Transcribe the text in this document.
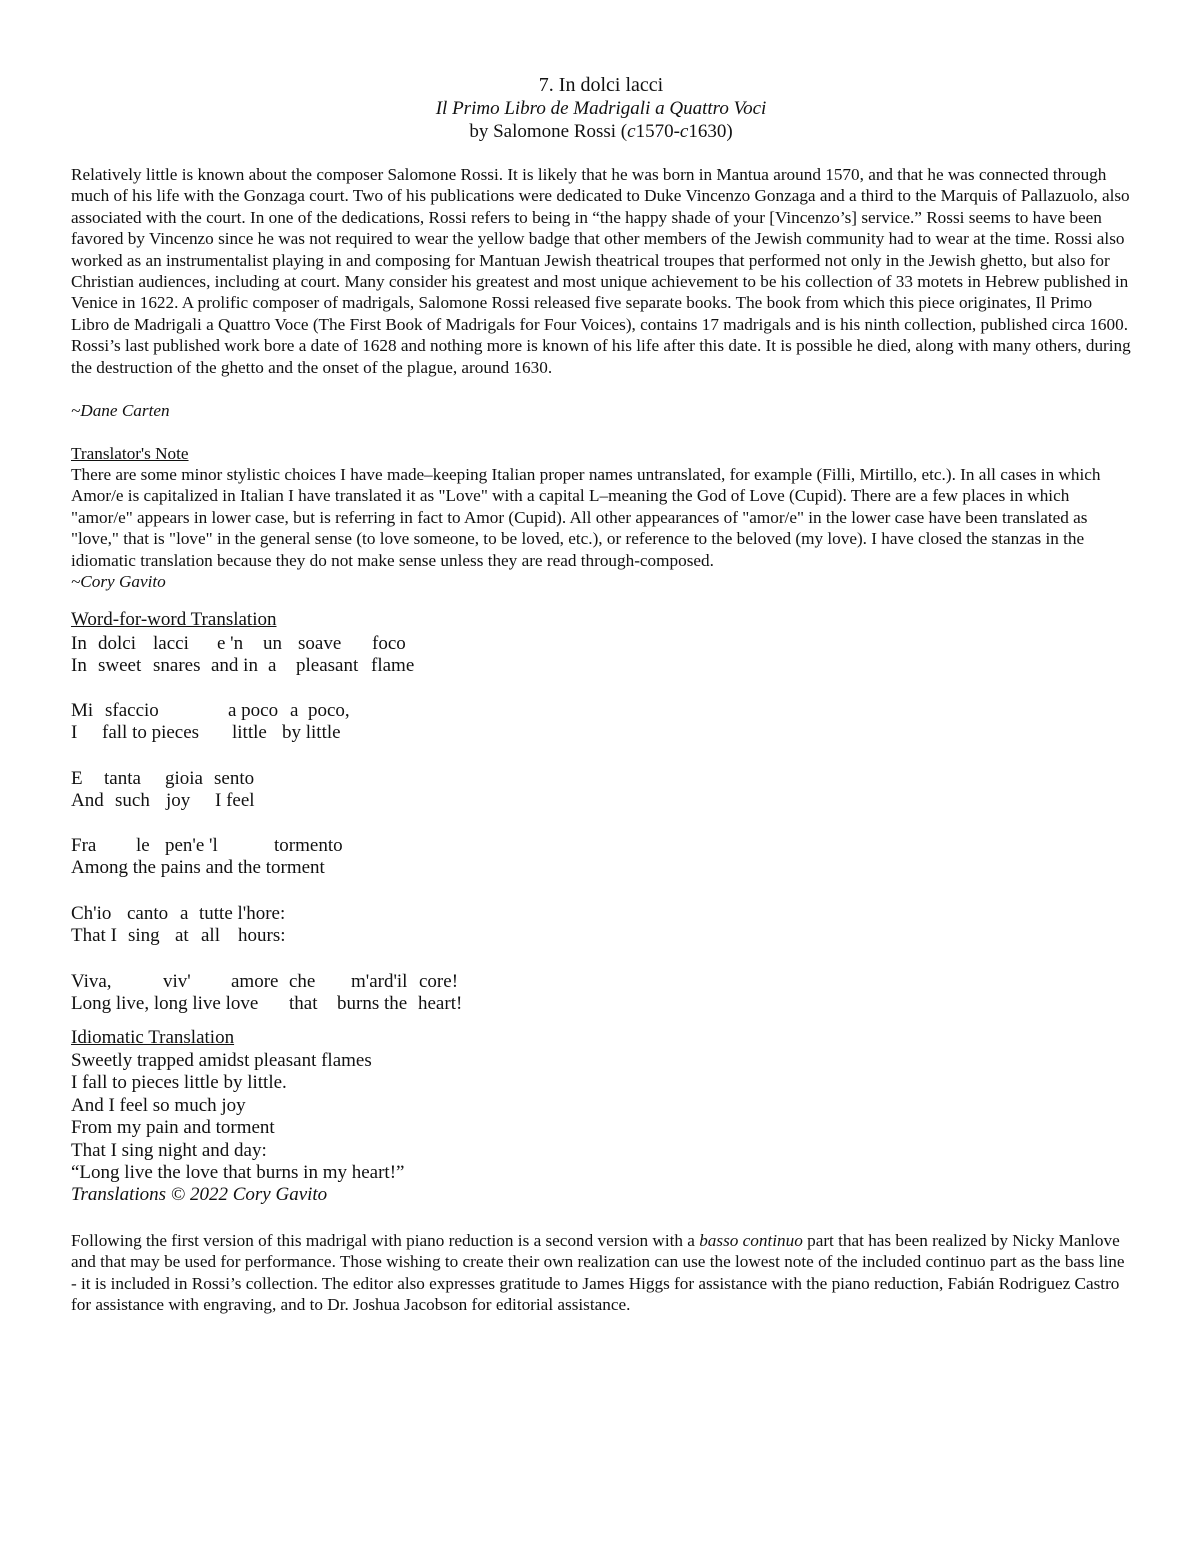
7. In dolci lacci
Il Primo Libro de Madrigali a Quattro Voci
by Salomone Rossi (c1570-c1630)
Relatively little is known about the composer Salomone Rossi. It is likely that he was born in Mantua around 1570, and that he was connected through much of his life with the Gonzaga court. Two of his publications were dedicated to Duke Vincenzo Gonzaga and a third to the Marquis of Pallazuolo, also associated with the court. In one of the dedications, Rossi refers to being in “the happy shade of your [Vincenzo’s] service.” Rossi seems to have been favored by Vincenzo since he was not required to wear the yellow badge that other members of the Jewish community had to wear at the time. Rossi also worked as an instrumentalist playing in and composing for Mantuan Jewish theatrical troupes that performed not only in the Jewish ghetto, but also for Christian audiences, including at court. Many consider his greatest and most unique achievement to be his collection of 33 motets in Hebrew published in Venice in 1622. A prolific composer of madrigals, Salomone Rossi released five separate books. The book from which this piece originates, Il Primo Libro de Madrigali a Quattro Voce (The First Book of Madrigals for Four Voices), contains 17 madrigals and is his ninth collection, published circa 1600. Rossi’s last published work bore a date of 1628 and nothing more is known of his life after this date. It is possible he died, along with many others, during the destruction of the ghetto and the onset of the plague, around 1630.
~Dane Carten
Translator's Note
There are some minor stylistic choices I have made–keeping Italian proper names untranslated, for example (Filli, Mirtillo, etc.). In all cases in which Amor/e is capitalized in Italian I have translated it as "Love" with a capital L–meaning the God of Love (Cupid). There are a few places in which "amor/e" appears in lower case, but is referring in fact to Amor (Cupid). All other appearances of "amor/e" in the lower case have been translated as "love," that is "love" in the general sense (to love someone, to be loved, etc.), or reference to the beloved (my love). I have closed the stanzas in the idiomatic translation because they do not make sense unless they are read through-composed.
~Cory Gavito
Word-for-word Translation
In dolci lacci e 'n un soave foco
In sweet snares and in a pleasant flame
Mi sfaccio	a poco a poco,
I fall to pieces little by little
E tanta gioia sento
And such joy I feel
Fra le pen'e 'l	tormento
Among the pains and the torment
Ch'io canto a tutte l'hore:
That I sing at all hours:
Viva,	viv' amore che m'ard'il core!
Long live, long live love that burns the heart!
Idiomatic Translation
Sweetly trapped amidst pleasant flames
I fall to pieces little by little.
And I feel so much joy
From my pain and torment
That I sing night and day:
“Long live the love that burns in my heart!”
Translations © 2022 Cory Gavito
Following the first version of this madrigal with piano reduction is a second version with a basso continuo part that has been realized by Nicky Manlove and that may be used for performance. Those wishing to create their own realization can use the lowest note of the included continuo part as the bass line - it is included in Rossi’s collection. The editor also expresses gratitude to James Higgs for assistance with the piano reduction, Fabián Rodriguez Castro for assistance with engraving, and to Dr. Joshua Jacobson for editorial assistance.
